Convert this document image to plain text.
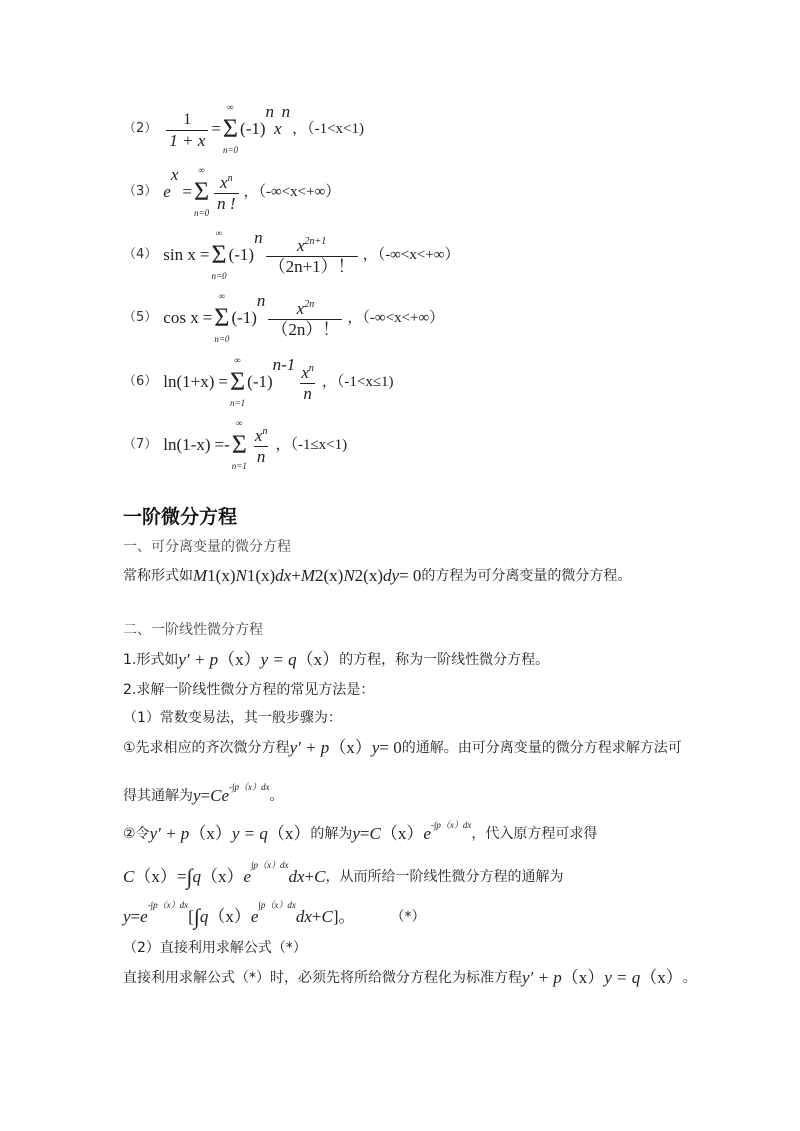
$(2) \frac{1}{1 + x}$ =
∞
Σ
n=0
(-1)
n
x
n
，（-1<x<1)
（3） e
x
=
∞
Σ
$n=0 \frac{x^n}{n !}$ ，（-∞<x<+∞）
（4） sin x =
∞
Σ
n=0
(-1)
n $\frac{x^{2n+1}}{(2n+1)!}$ ，（-∞<x<+∞）
（5） cos x =
∞
Σ
n=0
(-1)
n $\frac{x^{2n}}{(2n)!}$ ，（-∞<x<+∞）
（6） ln(1+x) =
∞
Σ
n=1
(-1)
$n-1 \frac{x^n}{n}$ ，（-1<x≤1)
（7） ln(1-x) = -
∞
Σ
$n=1 \frac{x^n}{n}$ ，（-1≤x<1)
一阶微分方程
一、可分离变量的微分方程
常称形式如 M 1 (x) N 1 (x) dx + M 2 (x) N 2 (x) dy = 0 的方程为可分离变量的微分方程。
二、一阶线性微分方程
1.形式如 y′ + p （x） y = q （x） 的方程，称为一阶线性微分方程。
2.求解一阶线性微分方程的常见方法是：
（1）常数变易法，其一般步骤为：
①先求相应的齐次微分方程 y′ + p （x） y = 0 的通解。由可分离变量的微分方程求解方法可
得其通解为 y = Ce -∫p（x）dx
。
②令 y′ + p （x） y = q （x） 的解为 y = C （x） e -∫p（x）dx
，代入原方程可求得
C （x）= ∫ q （x） e
∫p（x）dx
dx + C ，从而所给一阶线性微分方程的通解为
y = e
-∫p（x）dx
[ ∫ q （x） e
∫p（x）dx
dx + C ]。 　　　（*）
（2）直接利用求解公式（*）
直接利用求解公式（*）时，必须先将所给微分方程化为标准方程 y′ + p （x） y = q （x） 。
